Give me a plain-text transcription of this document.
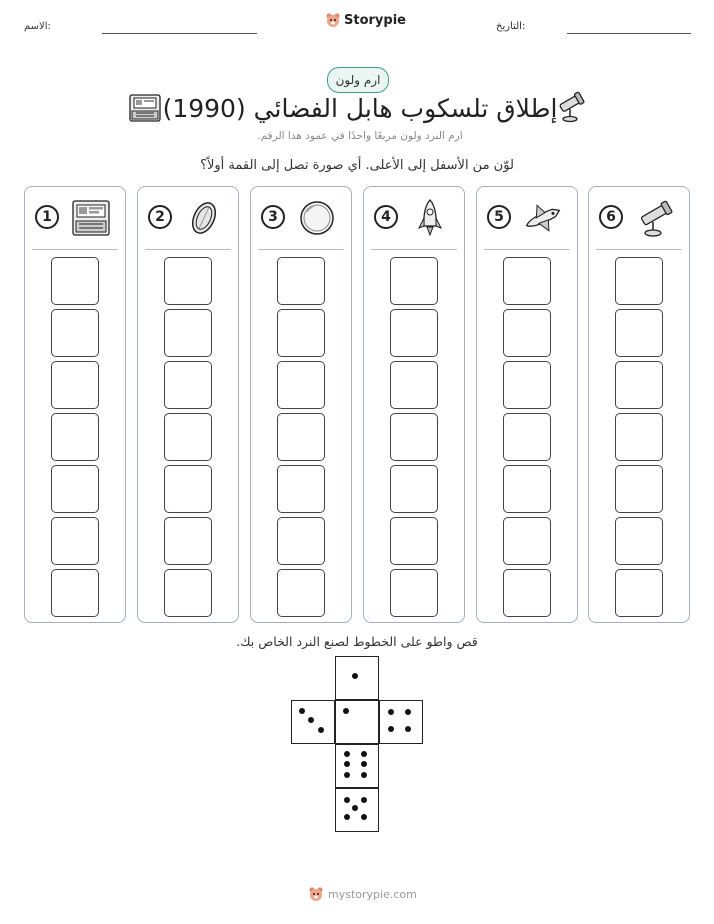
الاسم:	Storypie	التاريخ:
ارم ولون
إطلاق تلسكوب هابل الفضائي (1990)
ارم النرد ولون مربعًا واحدًا في عمود هذا الرقم.
لوّن من الأسفل إلى الأعلى. أي صورة تصل إلى القمة أولاً؟
1	2	3	4	5	6
قص واطو على الخطوط لصنع النرد الخاص بك.
mystorypie.com
